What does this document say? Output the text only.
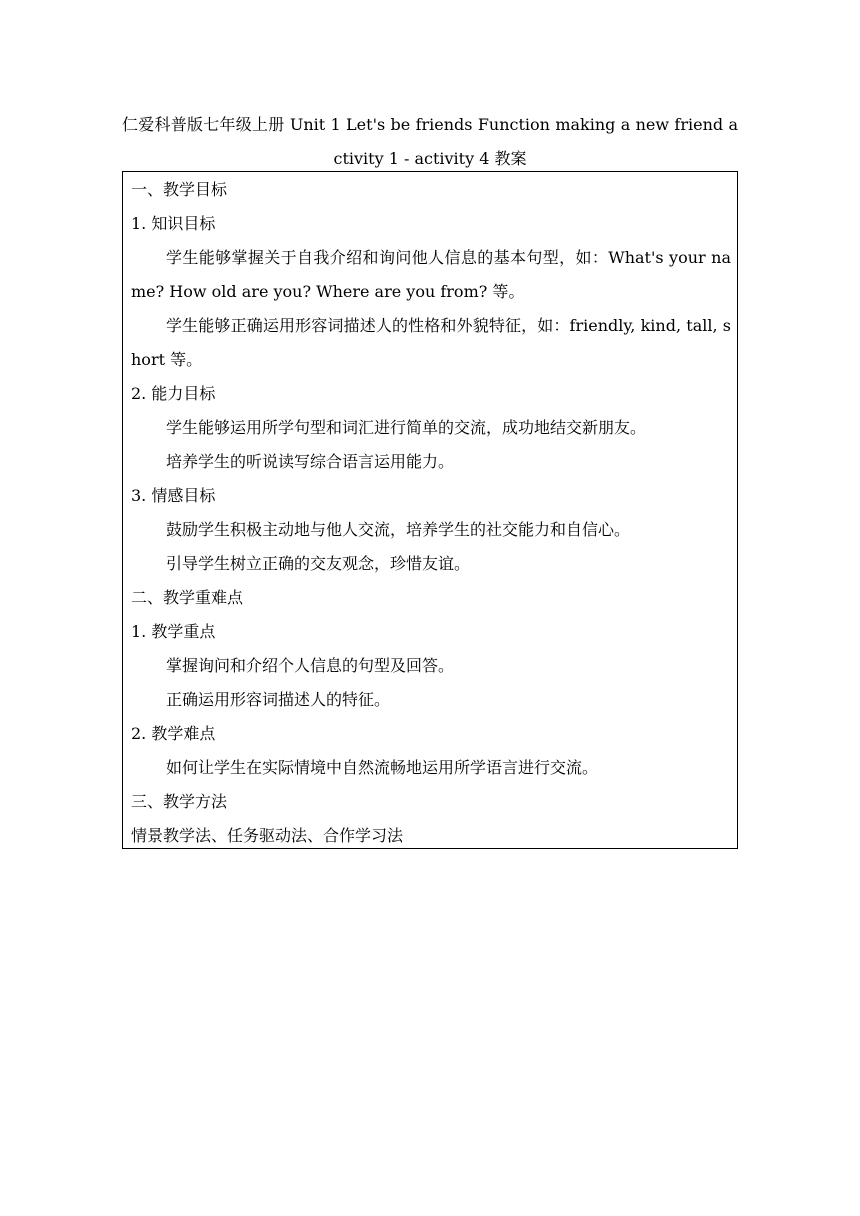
仁爱科普版七年级上册 Unit 1 Let's be friends Function making a new friend activity 1 - activity 4 教案
一、教学目标
1. 知识目标
学生能够掌握关于自我介绍和询问他人信息的基本句型，如：What's your name? How old are you? Where are you from? 等。
学生能够正确运用形容词描述人的性格和外貌特征，如：friendly, kind, tall, short 等。
2. 能力目标
学生能够运用所学句型和词汇进行简单的交流，成功地结交新朋友。
培养学生的听说读写综合语言运用能力。
3. 情感目标
鼓励学生积极主动地与他人交流，培养学生的社交能力和自信心。
引导学生树立正确的交友观念，珍惜友谊。
二、教学重难点
1. 教学重点
掌握询问和介绍个人信息的句型及回答。
正确运用形容词描述人的特征。
2. 教学难点
如何让学生在实际情境中自然流畅地运用所学语言进行交流。
三、教学方法
情景教学法、任务驱动法、合作学习法
